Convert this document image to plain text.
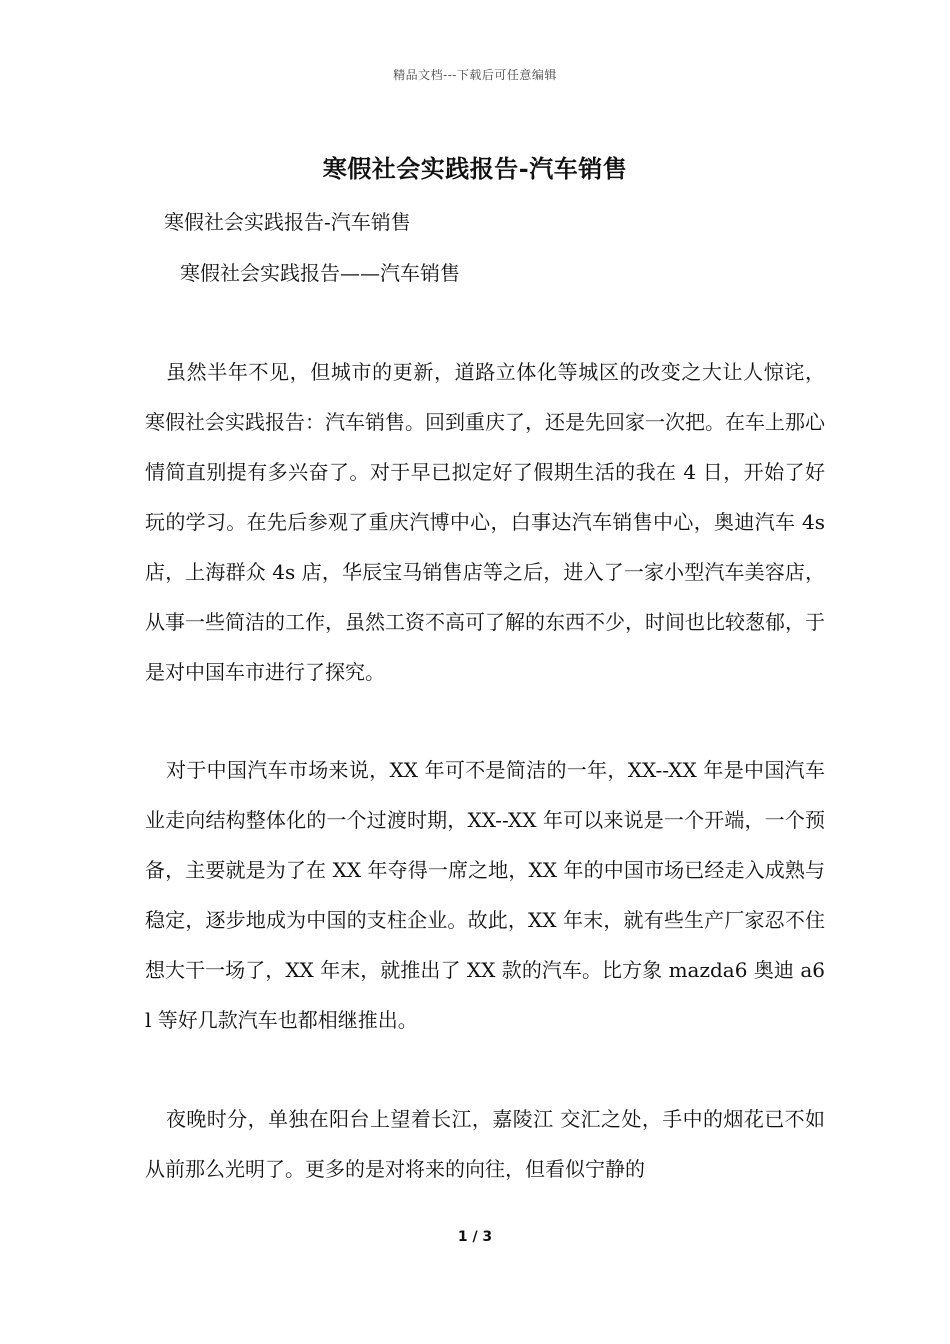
精品文档---下载后可任意编辑
寒假社会实践报告-汽车销售
寒假社会实践报告-汽车销售
寒假社会实践报告——汽车销售

虽然半年不见，但城市的更新，道路立体化等城区的改变之大让人惊诧，寒假社会实践报告：汽车销售。回到重庆了，还是先回家一次把。在车上那心情简直别提有多兴奋了。对于早已拟定好了假期生活的我在 4 日，开始了好玩的学习。在先后参观了重庆汽博中心，白事达汽车销售中心，奥迪汽车 4s 店，上海群众 4s 店，华辰宝马销售店等之后，进入了一家小型汽车美容店，从事一些简洁的工作，虽然工资不高可了解的东西不少，时间也比较葱郁，于是对中国车市进行了探究。

对于中国汽车市场来说，XX 年可不是简洁的一年，XX--XX 年是中国汽车业走向结构整体化的一个过渡时期，XX--XX 年可以来说是一个开端，一个预备，主要就是为了在 XX 年夺得一席之地，XX 年的中国市场已经走入成熟与稳定，逐步地成为中国的支柱企业。故此，XX 年末，就有些生产厂家忍不住想大干一场了，XX 年末，就推出了 XX 款的汽车。比方象 mazda6 奥迪 a6l 等好几款汽车也都相继推出。

夜晚时分，单独在阳台上望着长江，嘉陵江 交汇之处，手中的烟花已不如从前那么光明了。更多的是对将来的向往，但看似宁静的

1 / 3
